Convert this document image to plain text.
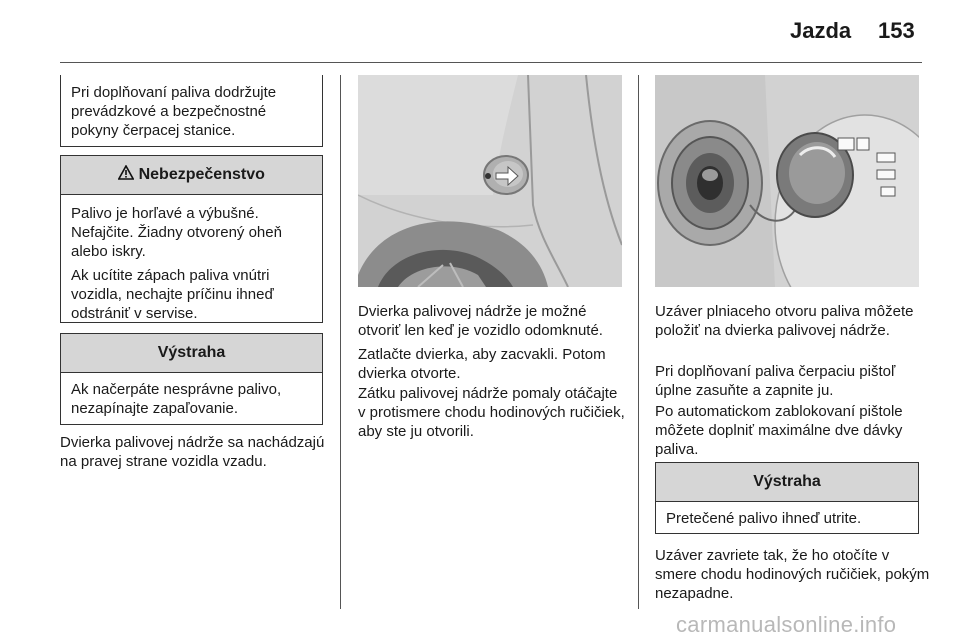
Jazda 153
Pri doplňovaní paliva dodržujte prevádzkové a bezpečnostné pokyny čerpacej stanice.
Nebezpečenstvo
Palivo je horľavé a výbušné. Nefajčite. Žiadny otvorený oheň alebo iskry.
Ak ucítite zápach paliva vnútri vozidla, nechajte príčinu ihneď odstrániť v servise.
Výstraha
Ak načerpáte nesprávne palivo, nezapínajte zapaľovanie.

Dvierka palivovej nádrže sa nachádzajú na pravej strane vozidla vzadu.

Dvierka palivovej nádrže je možné otvoriť len keď je vozidlo odomknuté.

Zatlačte dvierka, aby zacvakli. Potom dvierka otvorte.

Zátku palivovej nádrže pomaly otáčajte v protismere chodu hodinových ručičiek, aby ste ju otvorili.

Uzáver plniaceho otvoru paliva môžete položiť na dvierka palivovej nádrže.

Pri doplňovaní paliva čerpaciu pištoľ úplne zasuňte a zapnite ju.

Po automatickom zablokovaní pištole môžete doplniť maximálne dve dávky paliva.

Výstraha
Pretečené palivo ihneď utrite.

Uzáver zavriete tak, že ho otočíte v smere chodu hodinových ručičiek, pokým nezapadne.

carmanualsonline.info
